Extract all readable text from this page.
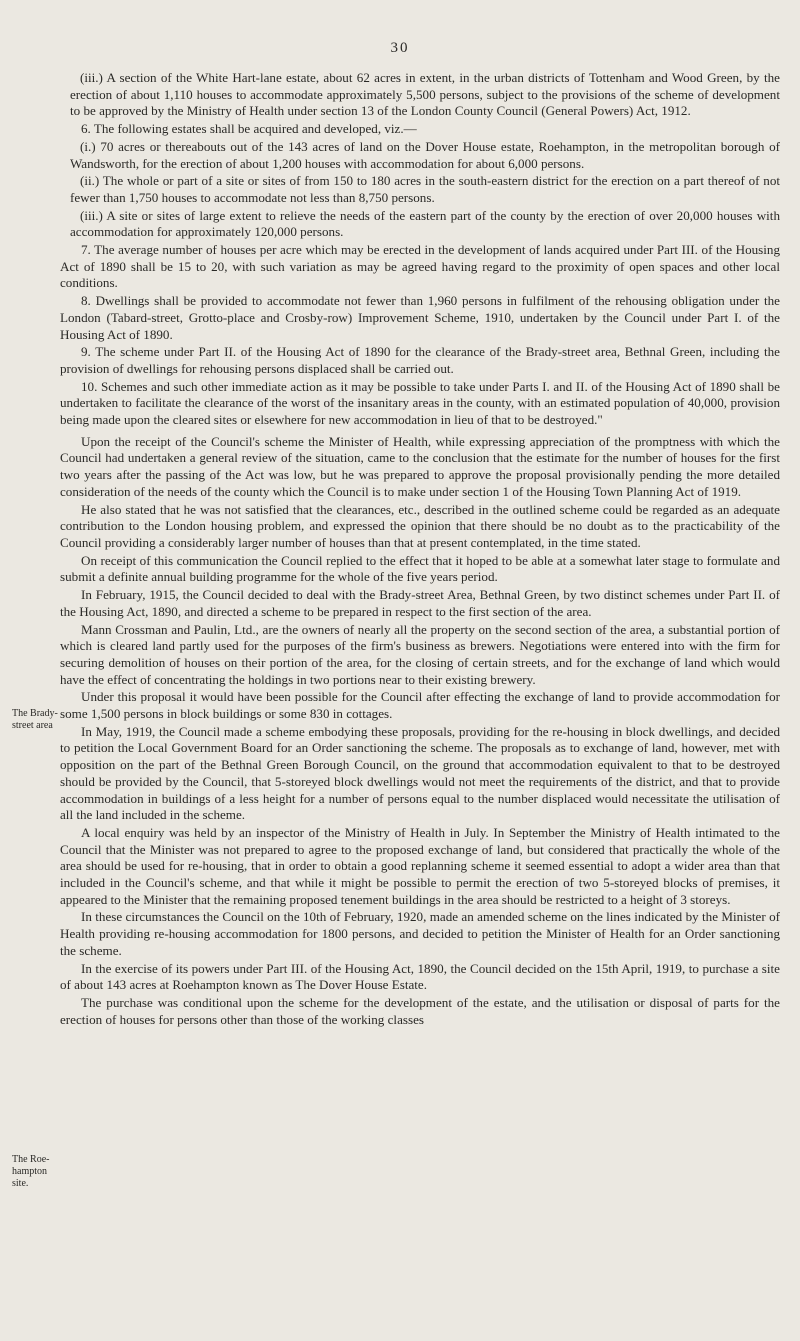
30
The Brady-street area
The Roe-hampton site.

(iii.) A section of the White Hart-lane estate, about 62 acres in extent, in the urban districts of Tottenham and Wood Green, by the erection of about 1,110 houses to accommodate approximately 5,500 persons, subject to the provisions of the scheme of development to be approved by the Ministry of Health under section 13 of the London County Council (General Powers) Act, 1912.

6. The following estates shall be acquired and developed, viz.—

(i.) 70 acres or thereabouts out of the 143 acres of land on the Dover House estate, Roehampton, in the metropolitan borough of Wandsworth, for the erection of about 1,200 houses with accommodation for about 6,000 persons.

(ii.) The whole or part of a site or sites of from 150 to 180 acres in the south-eastern district for the erection on a part thereof of not fewer than 1,750 houses to accommodate not less than 8,750 persons.

(iii.) A site or sites of large extent to relieve the needs of the eastern part of the county by the erection of over 20,000 houses with accommodation for approximately 120,000 persons.

7. The average number of houses per acre which may be erected in the development of lands acquired under Part III. of the Housing Act of 1890 shall be 15 to 20, with such variation as may be agreed having regard to the proximity of open spaces and other local conditions.

8. Dwellings shall be provided to accommodate not fewer than 1,960 persons in fulfilment of the rehousing obligation under the London (Tabard-street, Grotto-place and Crosby-row) Improvement Scheme, 1910, undertaken by the Council under Part I. of the Housing Act of 1890.

9. The scheme under Part II. of the Housing Act of 1890 for the clearance of the Brady-street area, Bethnal Green, including the provision of dwellings for rehousing persons displaced shall be carried out.

10. Schemes and such other immediate action as it may be possible to take under Parts I. and II. of the Housing Act of 1890 shall be undertaken to facilitate the clearance of the worst of the insanitary areas in the county, with an estimated population of 40,000, provision being made upon the cleared sites or elsewhere for new accommodation in lieu of that to be destroyed."

Upon the receipt of the Council's scheme the Minister of Health, while expressing appreciation of the promptness with which the Council had undertaken a general review of the situation, came to the conclusion that the estimate for the number of houses for the first two years after the passing of the Act was low, but he was prepared to approve the proposal provisionally pending the more detailed consideration of the needs of the county which the Council is to make under section 1 of the Housing Town Planning Act of 1919.

He also stated that he was not satisfied that the clearances, etc., described in the outlined scheme could be regarded as an adequate contribution to the London housing problem, and expressed the opinion that there should be no doubt as to the practicability of the Council providing a considerably larger number of houses than that at present contemplated, in the time stated.

On receipt of this communication the Council replied to the effect that it hoped to be able at a somewhat later stage to formulate and submit a definite annual building programme for the whole of the five years period.

In February, 1915, the Council decided to deal with the Brady-street Area, Bethnal Green, by two distinct schemes under Part II. of the Housing Act, 1890, and directed a scheme to be prepared in respect to the first section of the area.

Mann Crossman and Paulin, Ltd., are the owners of nearly all the property on the second section of the area, a substantial portion of which is cleared land partly used for the purposes of the firm's business as brewers. Negotiations were entered into with the firm for securing demolition of houses on their portion of the area, for the closing of certain streets, and for the exchange of land which would have the effect of concentrating the holdings in two portions near to their existing brewery.

Under this proposal it would have been possible for the Council after effecting the exchange of land to provide accommodation for some 1,500 persons in block buildings or some 830 in cottages.

In May, 1919, the Council made a scheme embodying these proposals, providing for the re-housing in block dwellings, and decided to petition the Local Government Board for an Order sanctioning the scheme. The proposals as to exchange of land, however, met with opposition on the part of the Bethnal Green Borough Council, on the ground that accommodation equivalent to that to be destroyed should be provided by the Council, that 5-storeyed block dwellings would not meet the requirements of the district, and that to provide accommodation in buildings of a less height for a number of persons equal to the number displaced would necessitate the utilisation of all the land included in the scheme.

A local enquiry was held by an inspector of the Ministry of Health in July. In September the Ministry of Health intimated to the Council that the Minister was not prepared to agree to the proposed exchange of land, but considered that practically the whole of the area should be used for re-housing, that in order to obtain a good replanning scheme it seemed essential to adopt a wider area than that included in the Council's scheme, and that while it might be possible to permit the erection of two 5-storeyed blocks of premises, it appeared to the Minister that the remaining proposed tenement buildings in the area should be restricted to a height of 3 storeys.

In these circumstances the Council on the 10th of February, 1920, made an amended scheme on the lines indicated by the Minister of Health providing re-housing accommodation for 1800 persons, and decided to petition the Minister of Health for an Order sanctioning the scheme.

In the exercise of its powers under Part III. of the Housing Act, 1890, the Council decided on the 15th April, 1919, to purchase a site of about 143 acres at Roehampton known as The Dover House Estate.

The purchase was conditional upon the scheme for the development of the estate, and the utilisation or disposal of parts for the erection of houses for persons other than those of the working classes
